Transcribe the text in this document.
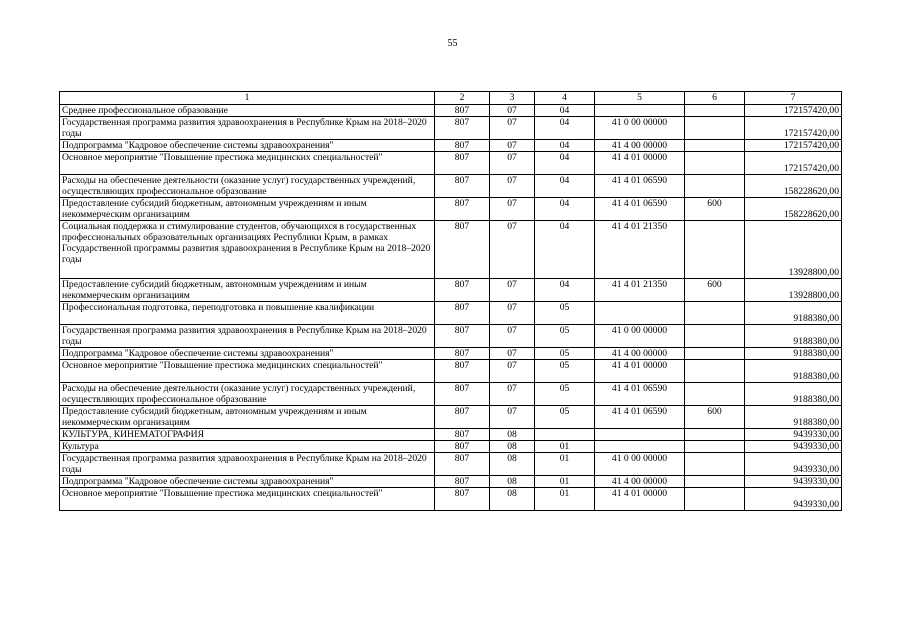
55
1	2	3	4	5	6	7
Среднее профессиональное образование	807	07	04			172157420,00
Государственная программа развития здравоохранения в Республике Крым на 2018–2020 годы	807	07	04	41 0 00 00000		172157420,00
Подпрограмма "Кадровое обеспечение системы здравоохранения"	807	07	04	41 4 00 00000		172157420,00
Основное мероприятие "Повышение престижа медицинских специальностей"	807	07	04	41 4 01 00000		172157420,00
Расходы на обеспечение деятельности (оказание услуг) государственных учреждений, осуществляющих профессиональное образование	807	07	04	41 4 01 06590		158228620,00
Предоставление субсидий бюджетным, автономным учреждениям и иным некоммерческим организациям	807	07	04	41 4 01 06590	600	158228620,00
Социальная поддержка и стимулирование студентов, обучающихся в государственных профессиональных образовательных организациях Республики Крым, в рамках Государственной программы развития здравоохранения в Республике Крым на 2018–2020 годы	807	07	04	41 4 01 21350		13928800,00
Предоставление субсидий бюджетным, автономным учреждениям и иным некоммерческим организациям	807	07	04	41 4 01 21350	600	13928800,00
Профессиональная подготовка, переподготовка и повышение квалификации	807	07	05			9188380,00
Государственная программа развития здравоохранения в Республике Крым на 2018–2020 годы	807	07	05	41 0 00 00000		9188380,00
Подпрограмма "Кадровое обеспечение системы здравоохранения"	807	07	05	41 4 00 00000		9188380,00
Основное мероприятие "Повышение престижа медицинских специальностей"	807	07	05	41 4 01 00000		9188380,00
Расходы на обеспечение деятельности (оказание услуг) государственных учреждений, осуществляющих профессиональное образование	807	07	05	41 4 01 06590		9188380,00
Предоставление субсидий бюджетным, автономным учреждениям и иным некоммерческим организациям	807	07	05	41 4 01 06590	600	9188380,00
КУЛЬТУРА, КИНЕМАТОГРАФИЯ	807	08				9439330,00
Культура	807	08	01			9439330,00
Государственная программа развития здравоохранения в Республике Крым на 2018–2020 годы	807	08	01	41 0 00 00000		9439330,00
Подпрограмма "Кадровое обеспечение системы здравоохранения"	807	08	01	41 4 00 00000		9439330,00
Основное мероприятие "Повышение престижа медицинских специальностей"	807	08	01	41 4 01 00000		9439330,00
